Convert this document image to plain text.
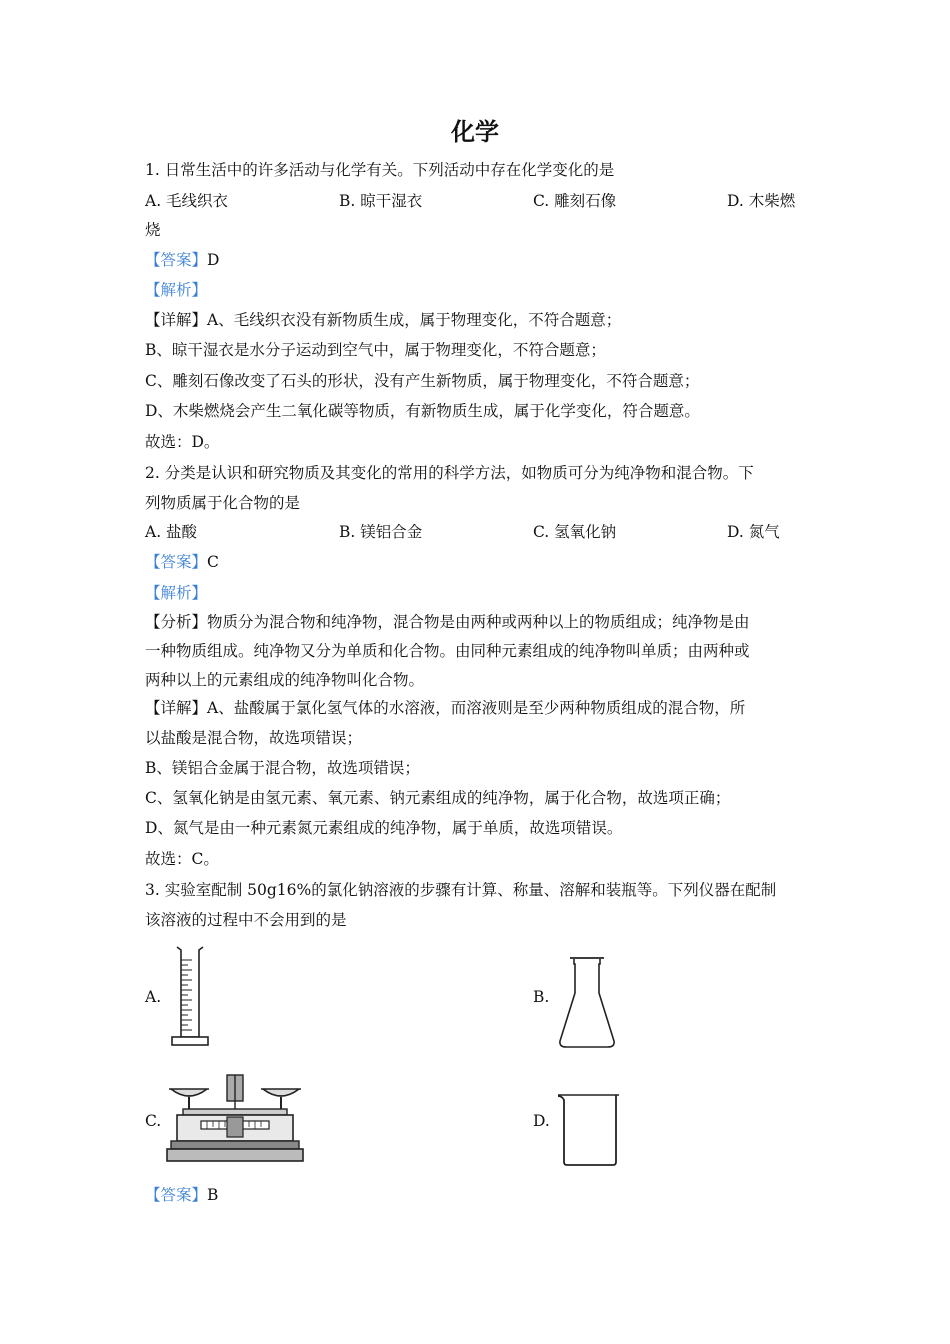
化学
1. 日常生活中的许多活动与化学有关。下列活动中存在化学变化的是
A. 毛线织衣	B. 晾干湿衣	C. 雕刻石像	D. 木柴燃
烧
【答案】D
【解析】
【详解】A、毛线织衣没有新物质生成，属于物理变化，不符合题意；
B、晾干湿衣是水分子运动到空气中，属于物理变化，不符合题意；
C、雕刻石像改变了石头的形状，没有产生新物质，属于物理变化，不符合题意；
D、木柴燃烧会产生二氧化碳等物质，有新物质生成，属于化学变化，符合题意。
故选：D。
2. 分类是认识和研究物质及其变化的常用的科学方法，如物质可分为纯净物和混合物。下
列物质属于化合物的是
A. 盐酸	B. 镁铝合金	C. 氢氧化钠	D. 氮气
【答案】C
【解析】
【分析】物质分为混合物和纯净物，混合物是由两种或两种以上的物质组成；纯净物是由
一种物质组成。纯净物又分为单质和化合物。由同种元素组成的纯净物叫单质；由两种或
两种以上的元素组成的纯净物叫化合物。
【详解】A、盐酸属于氯化氢气体的水溶液，而溶液则是至少两种物质组成的混合物，所
以盐酸是混合物，故选项错误；
B、镁铝合金属于混合物，故选项错误；
C、氢氧化钠是由氢元素、氧元素、钠元素组成的纯净物，属于化合物，故选项正确；
D、氮气是由一种元素氮元素组成的纯净物，属于单质，故选项错误。
故选：C。
3. 实验室配制 50g16%的氯化钠溶液的步骤有计算、称量、溶解和装瓶等。下列仪器在配制
该溶液的过程中不会用到的是
A.	B.
C.	D.
【答案】B
